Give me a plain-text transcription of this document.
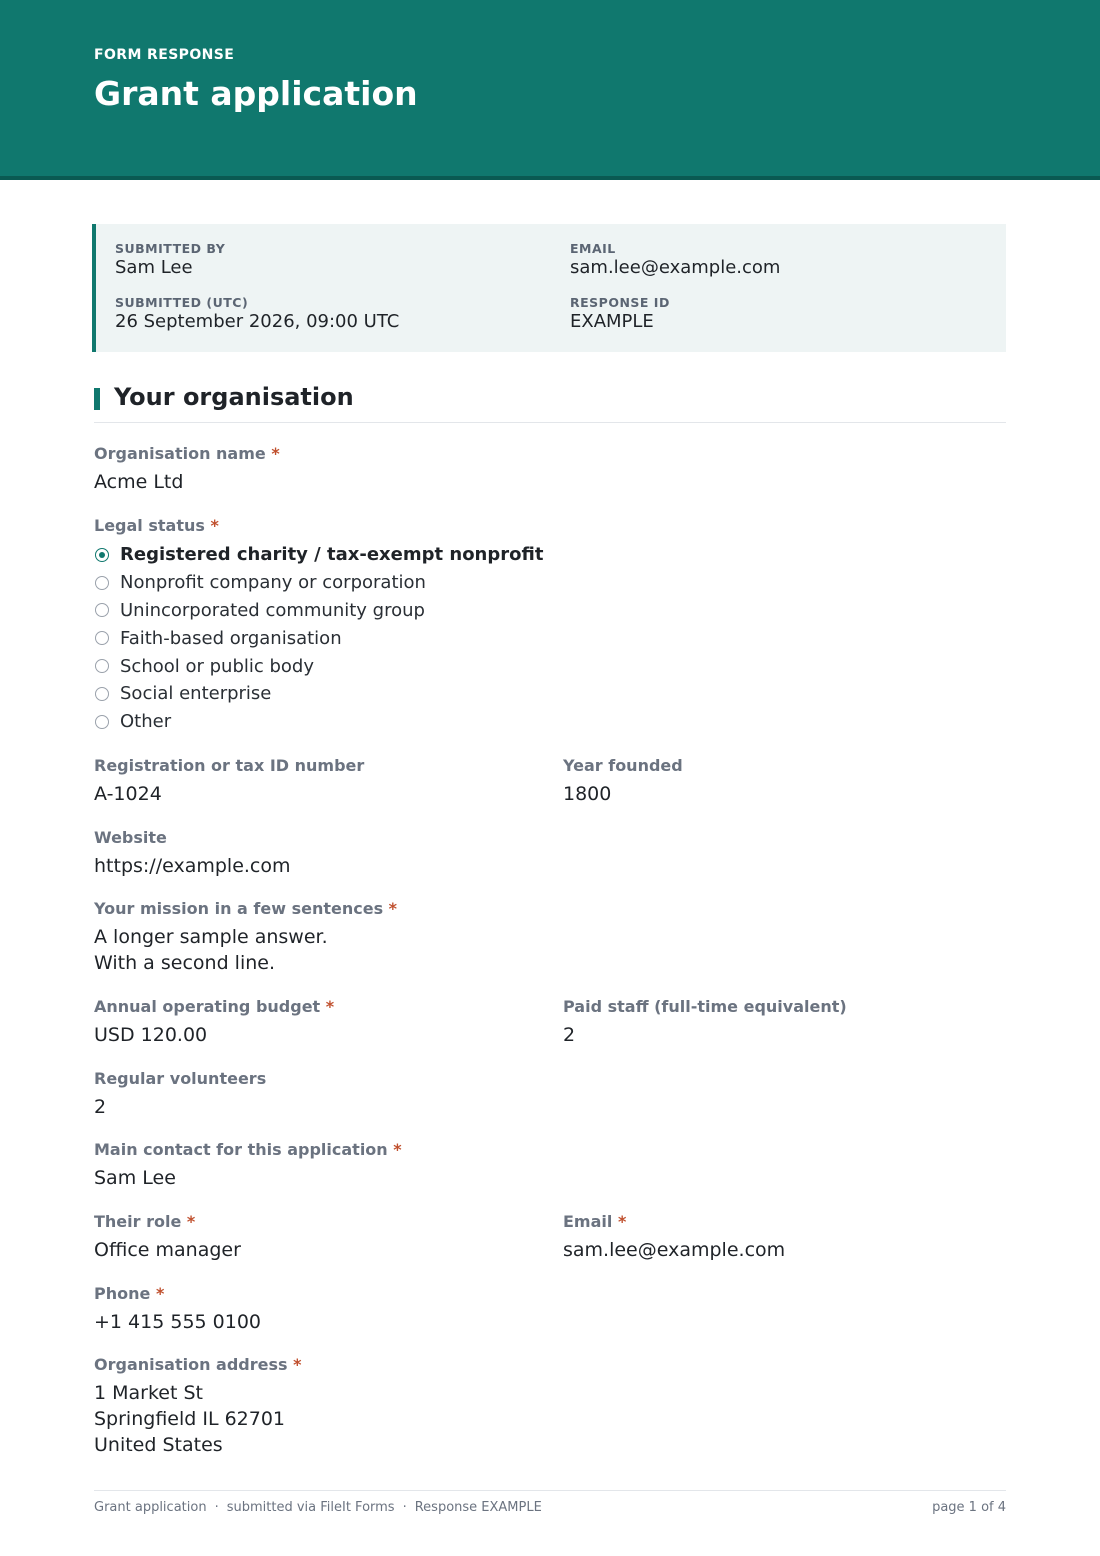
FORM RESPONSE
Grant application
SUBMITTED BY
Sam Lee
EMAIL
sam.lee@example.com
SUBMITTED (UTC)
26 September 2026, 09:00 UTC
RESPONSE ID
EXAMPLE
Your organisation
Organisation name *
Acme Ltd
Legal status *
Registered charity / tax-exempt nonprofit
Nonprofit company or corporation
Unincorporated community group
Faith-based organisation
School or public body
Social enterprise
Other
Registration or tax ID number
A-1024
Year founded
1800
Website
https://example.com
Your mission in a few sentences *
A longer sample answer.
With a second line.
Annual operating budget *
USD 120.00
Paid staff (full-time equivalent)
2
Regular volunteers
2
Main contact for this application *
Sam Lee
Their role *
Office manager
Email *
sam.lee@example.com
Phone *
+1 415 555 0100
Organisation address *
1 Market St
Springfield IL 62701
United States
Grant application · submitted via FileIt Forms · Response EXAMPLE	page 1 of 4
